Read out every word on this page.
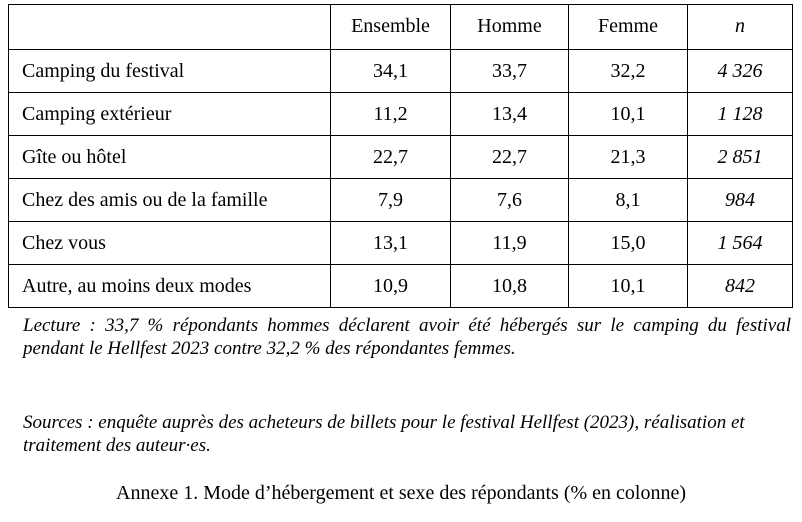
	Ensemble	Homme	Femme	n
Camping du festival	34,1	33,7	32,2	4 326
Camping extérieur	11,2	13,4	10,1	1 128
Gîte ou hôtel	22,7	22,7	21,3	2 851
Chez des amis ou de la famille	7,9	7,6	8,1	984
Chez vous	13,1	11,9	15,0	1 564
Autre, au moins deux modes	10,9	10,8	10,1	842

Lecture : 33,7 % répondants hommes déclarent avoir été hébergés sur le camping du festival pendant le Hellfest 2023 contre 32,2 % des répondantes femmes.

Sources : enquête auprès des acheteurs de billets pour le festival Hellfest (2023), réalisation et traitement des auteur·es.

Annexe 1. Mode d’hébergement et sexe des répondants (% en colonne)
